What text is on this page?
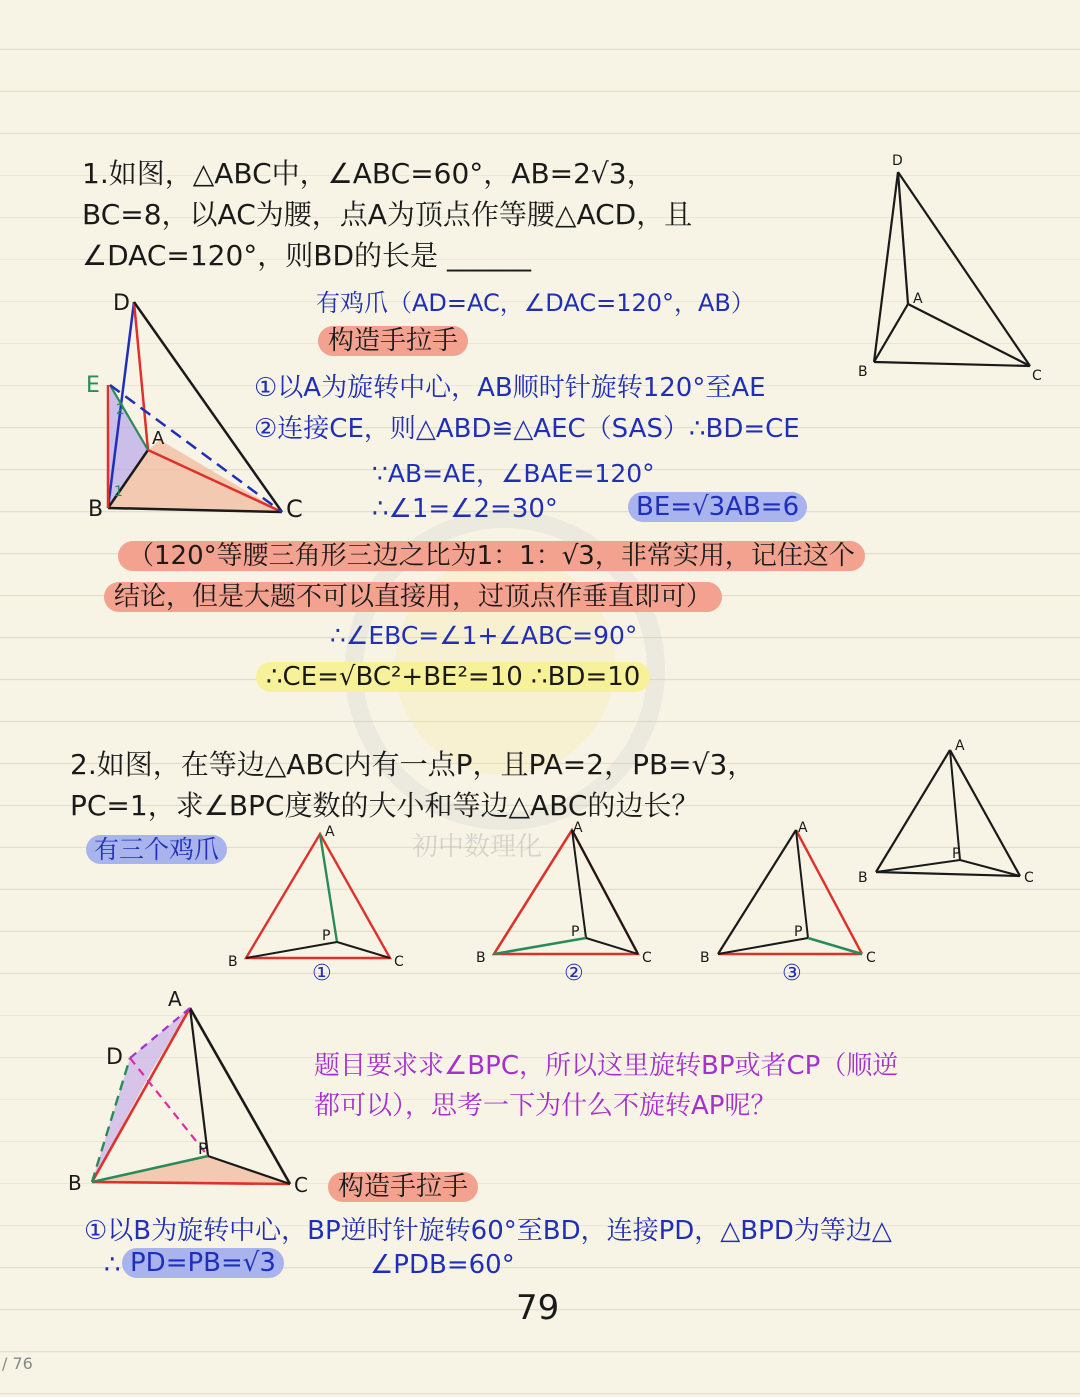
初中数理化
1.如图，△ABC中，∠ABC=60°，AB=2√3，
BC=8，以AC为腰，点A为顶点作等腰△ACD，且
∠DAC=120°，则BD的长是 ______
有鸡爪（AD=AC，∠DAC=120°，AB）
构造手拉手
①以A为旋转中心，AB顺时针旋转120°至AE
②连接CE，则△ABD≌△AEC（SAS）∴BD=CE
∵AB=AE，∠BAE=120°
∴∠1=∠2=30°	BE=√3AB=6
（120°等腰三角形三边之比为1：1：√3，非常实用，记住这个
结论，但是大题不可以直接用，过顶点作垂直即可）
∴∠EBC=∠1+∠ABC=90°
∴CE=√BC²+BE²=10 ∴BD=10
D
E
A
B	C
1
2
D
A
B	C
A
B	C
P
A
B	C
P
A
B	C
P
A
B	C
P
A
D
B	C
P
2.如图，在等边△ABC内有一点P，且PA=2，PB=√3，
PC=1，求∠BPC度数的大小和等边△ABC的边长？
有三个鸡爪
①	②	③
题目要求求∠BPC，所以这里旋转BP或者CP（顺逆
都可以），思考一下为什么不旋转AP呢？
构造手拉手
①以B为旋转中心，BP逆时针旋转60°至BD，连接PD，△BPD为等边△
∴ PD=PB=√3	∠PDB=60°
79
/ 76
